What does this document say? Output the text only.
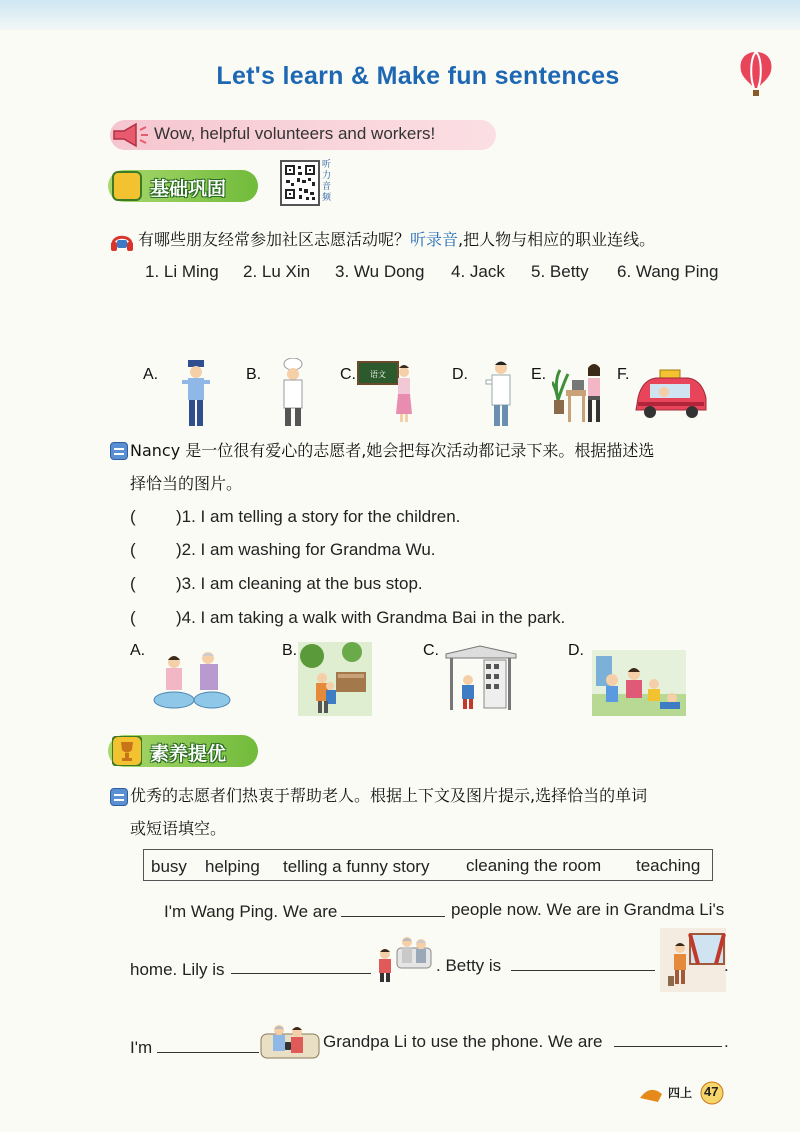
Let's learn & Make fun sentences
Wow, helpful volunteers and workers!
基础巩固
听力音频
有哪些朋友经常参加社区志愿活动呢？听录音,把人物与相应的职业连线。
1. Li Ming 2. Lu Xin 3. Wu Dong 4. Jack 5. Betty 6. Wang Ping
A.	B.	C. 语文	D.	E.	F.
Nancy 是一位很有爱心的志愿者,她会把每次活动都记录下来。根据描述选
择恰当的图片。
( )1. I am telling a story for the children.
( )2. I am washing for Grandma Wu.
( )3. I am cleaning at the bus stop.
( )4. I am taking a walk with Grandma Bai in the park.
A.	B.	C.	D.
素养提优
优秀的志愿者们热衷于帮助老人。根据上下文及图片提示,选择恰当的单词
或短语填空。
busy helping telling a funny story cleaning the room teaching
I'm Wang Ping. We are	people now. We are in Grandma Li's
home. Lily is	. Betty is	.
I'm	Grandpa Li to use the phone. We are	.
四上 47
